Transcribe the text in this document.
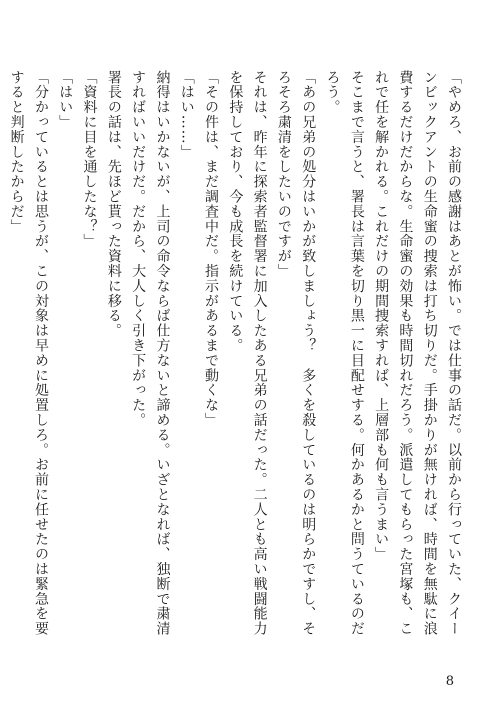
「やめろ、お前の感謝はあとが怖い。では仕事の話だ。以前から行っていた、クイーンビックアントの生命蜜の捜索は打ち切りだ。手掛かりが無ければ、時間を無駄に浪費するだけだからな。生命蜜の効果も時間切れだろう。派遣してもらった宮塚も、これで任を解かれる。これだけの期間捜索すれば、上層部も何も言うまい」

そこまで言うと、署長は言葉を切り黒一に目配せする。何かあるかと問うているのだろう。

「あの兄弟の処分はいかが致しましょう？　多くを殺しているのは明らかですし、そろそろ粛清をしたいのですが」

それは、昨年に探索者監督署に加入したある兄弟の話だった。二人とも高い戦闘能力を保持しており、今も成長を続けている。

「その件は、まだ調査中だ。指示があるまで動くな」

「はい……」

納得はいかないが、上司の命令ならば仕方ないと諦める。いざとなれば、独断で粛清すればいいだけだ。だから、大人しく引き下がった。

署長の話は、先ほど貰った資料に移る。

「資料に目を通したな？」

「はい」

「分かっているとは思うが、この対象は早めに処置しろ。お前に任せたのは緊急を要すると判断したからだ」

8
